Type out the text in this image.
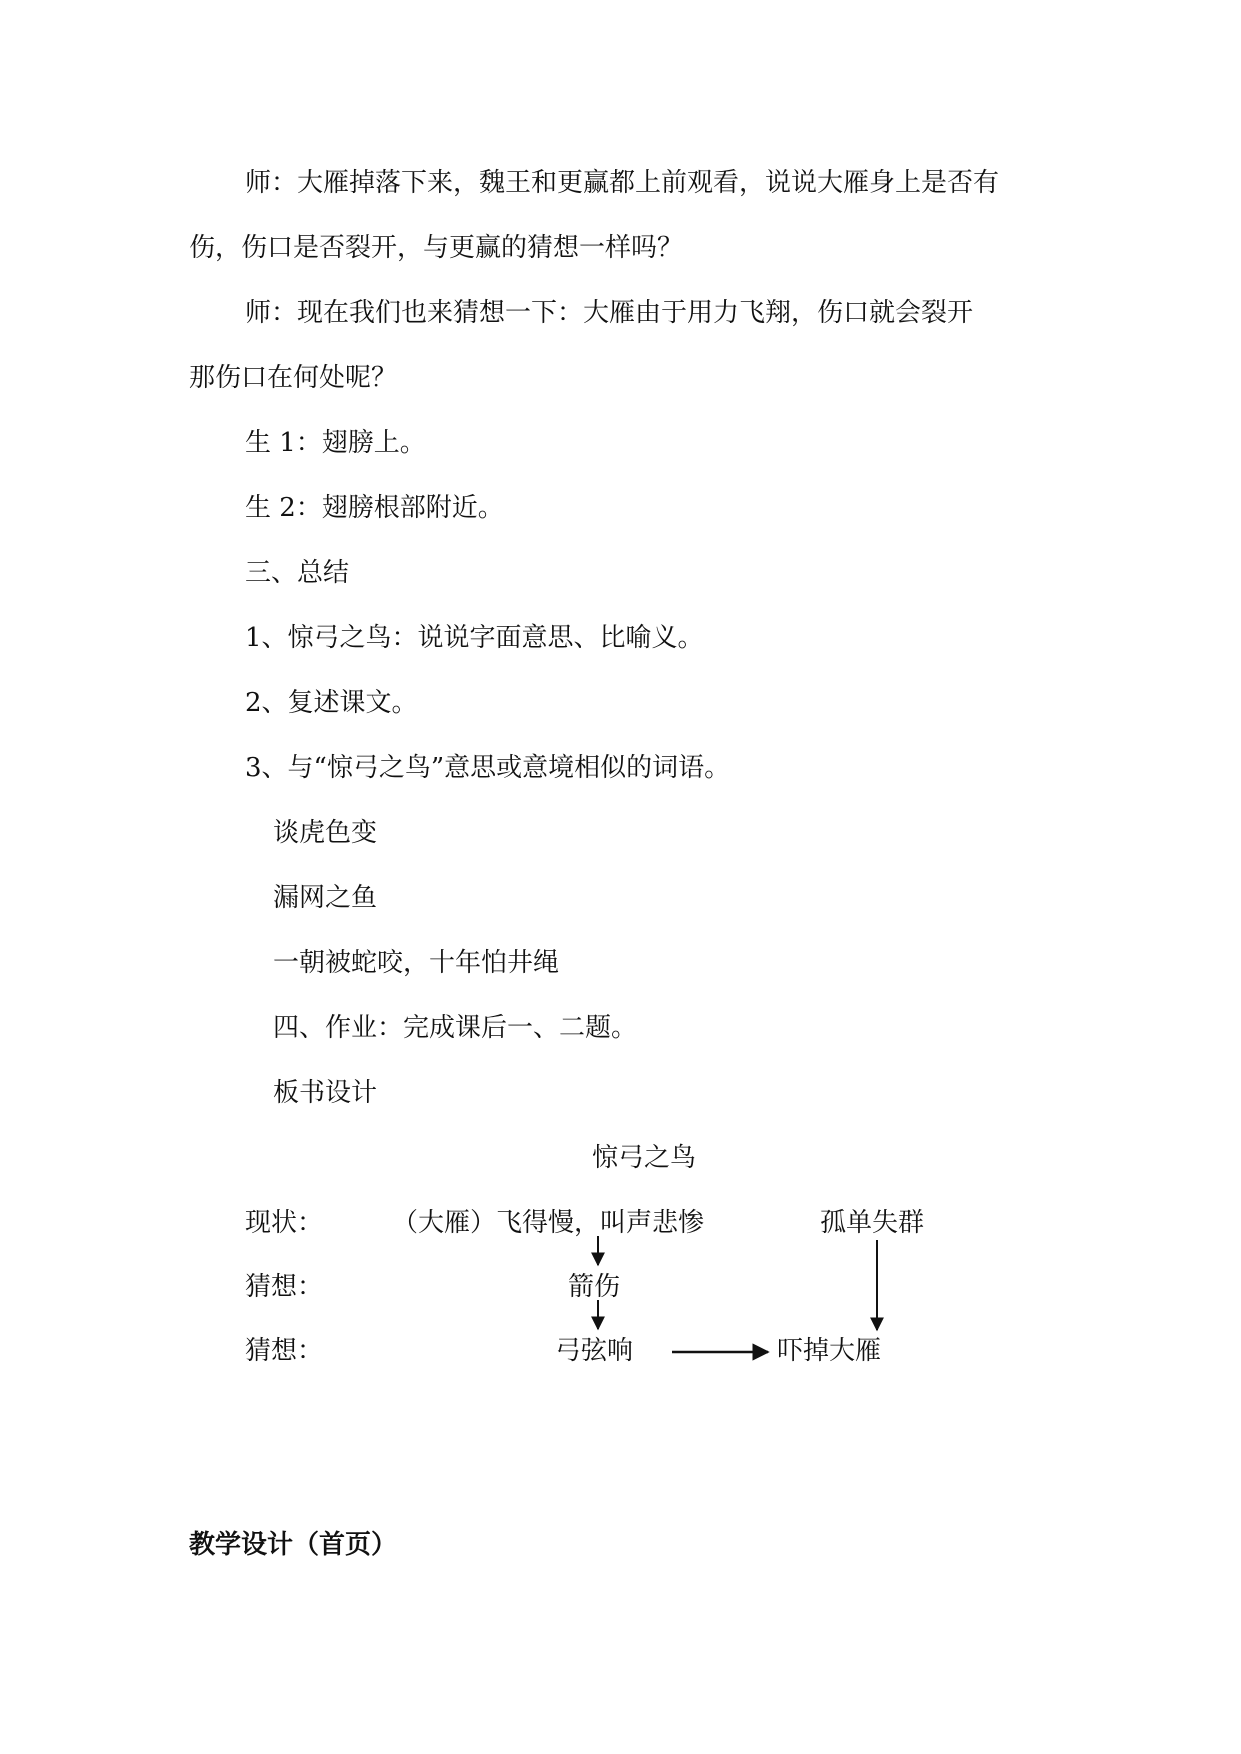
师：大雁掉落下来，魏王和更赢都上前观看，说说大雁身上是否有
伤，伤口是否裂开，与更赢的猜想一样吗？
师：现在我们也来猜想一下：大雁由于用力飞翔，伤口就会裂开
那伤口在何处呢？
生 1：翅膀上。
生 2：翅膀根部附近。
三、总结
1、惊弓之鸟：说说字面意思、比喻义。
2、复述课文。
3、与“惊弓之鸟”意思或意境相似的词语。
谈虎色变
漏网之鱼
一朝被蛇咬，十年怕井绳
四、作业：完成课后一、二题。
板书设计
惊弓之鸟
现状：	（大雁）飞得慢，叫声悲惨	孤单失群
猜想：	箭伤
猜想：	弓弦响	吓掉大雁
教学设计（首页）
